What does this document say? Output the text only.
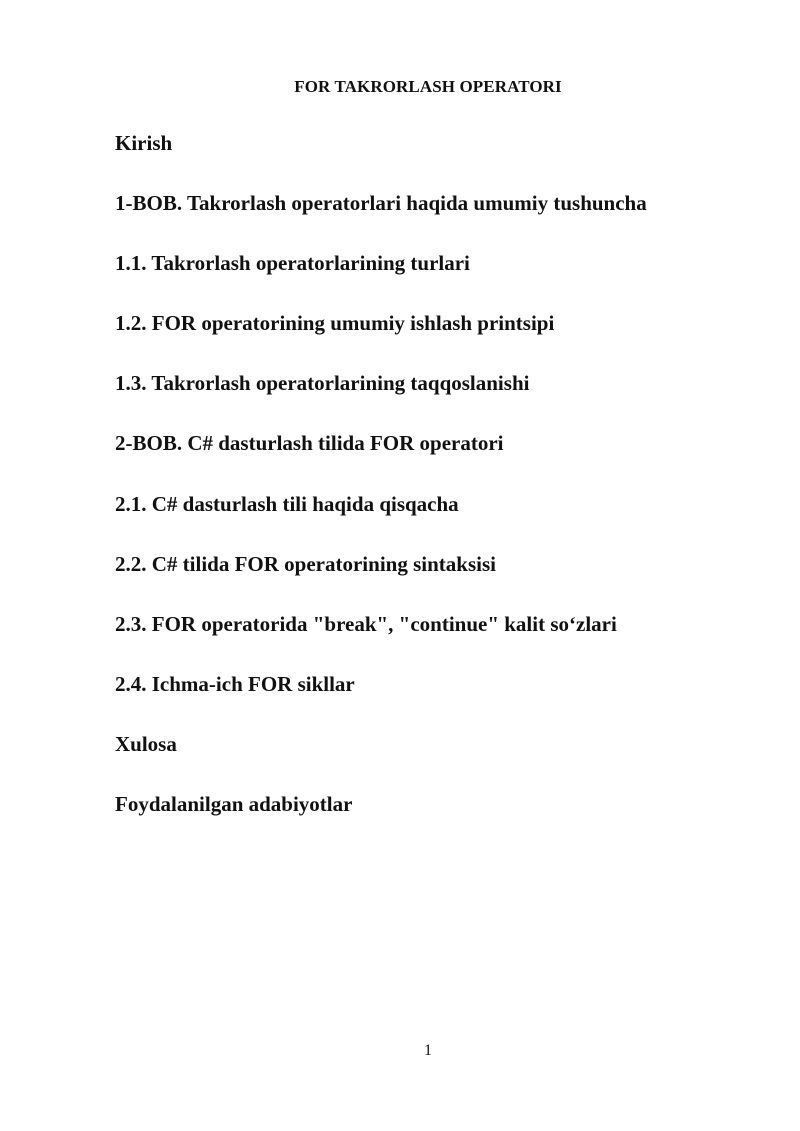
FOR TAKRORLASH OPERATORI
Kirish
1-BOB. Takrorlash operatorlari haqida umumiy tushuncha
1.1. Takrorlash operatorlarining turlari
1.2. FOR operatorining umumiy ishlash printsipi
1.3. Takrorlash operatorlarining taqqoslanishi
2-BOB. C# dasturlash tilida FOR operatori
2.1. C# dasturlash tili haqida qisqacha
2.2. C# tilida FOR operatorining sintaksisi
2.3. FOR operatorida "break", "continue" kalit so‘zlari
2.4. Ichma-ich FOR sikllar
Xulosa
Foydalanilgan adabiyotlar
1
